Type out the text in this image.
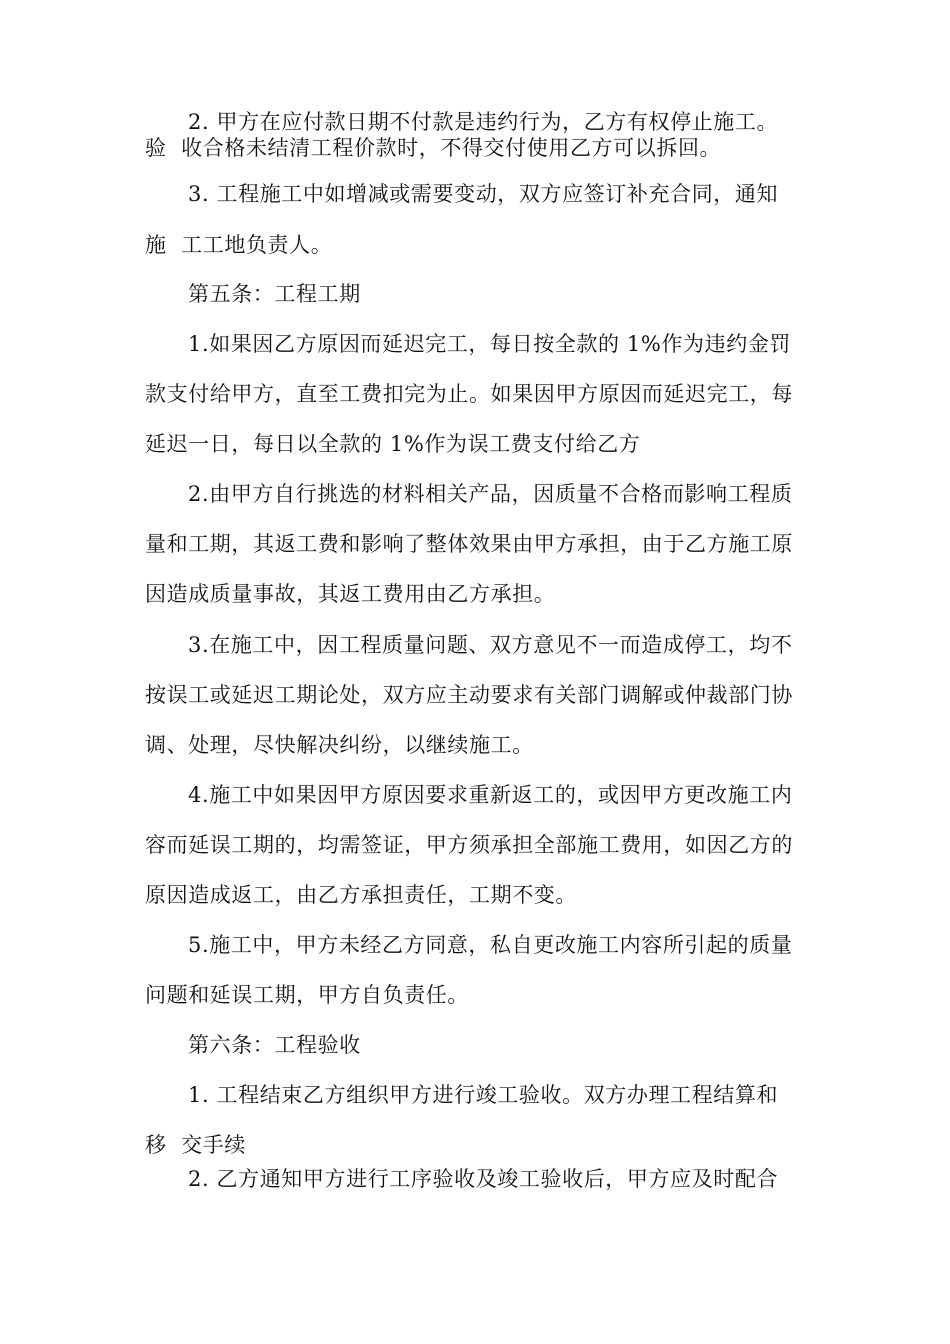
2. 甲方在应付款日期不付款是违约行为，乙方有权停止施工。
验  收合格未结清工程价款时，不得交付使用乙方可以拆回。
3. 工程施工中如增减或需要变动，双方应签订补充合同，通知
施  工工地负责人。
第五条：工程工期
1.如果因乙方原因而延迟完工，每日按全款的 1%作为违约金罚
款支付给甲方，直至工费扣完为止。如果因甲方原因而延迟完工，每
延迟一日，每日以全款的 1%作为误工费支付给乙方
2.由甲方自行挑选的材料相关产品，因质量不合格而影响工程质
量和工期，其返工费和影响了整体效果由甲方承担，由于乙方施工原
因造成质量事故，其返工费用由乙方承担。
3.在施工中，因工程质量问题、双方意见不一而造成停工，均不
按误工或延迟工期论处，双方应主动要求有关部门调解或仲裁部门协
调、处理，尽快解决纠纷，以继续施工。
4.施工中如果因甲方原因要求重新返工的，或因甲方更改施工内
容而延误工期的，均需签证，甲方须承担全部施工费用，如因乙方的
原因造成返工，由乙方承担责任，工期不变。
5.施工中，甲方未经乙方同意，私自更改施工内容所引起的质量
问题和延误工期，甲方自负责任。
第六条：工程验收
1. 工程结束乙方组织甲方进行竣工验收。双方办理工程结算和
移  交手续
2. 乙方通知甲方进行工序验收及竣工验收后，甲方应及时配合
